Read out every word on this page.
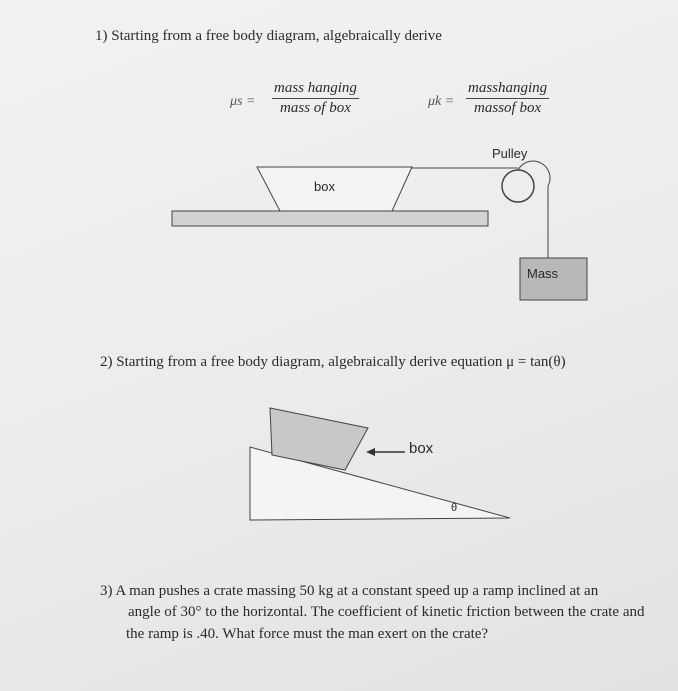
1) Starting from a free body diagram, algebraically derive
μs =
mass hanging
mass of box	μk =
masshanging
massof box
Pulley
box
Mass
2) Starting from a free body diagram, algebraically derive equation μ = tan(θ)
box
θ
3) A man pushes a crate massing 50 kg at a constant speed up a ramp inclined at an
angle of 30° to the horizontal. The coefficient of kinetic friction between the crate and
the ramp is .40. What force must the man exert on the crate?
